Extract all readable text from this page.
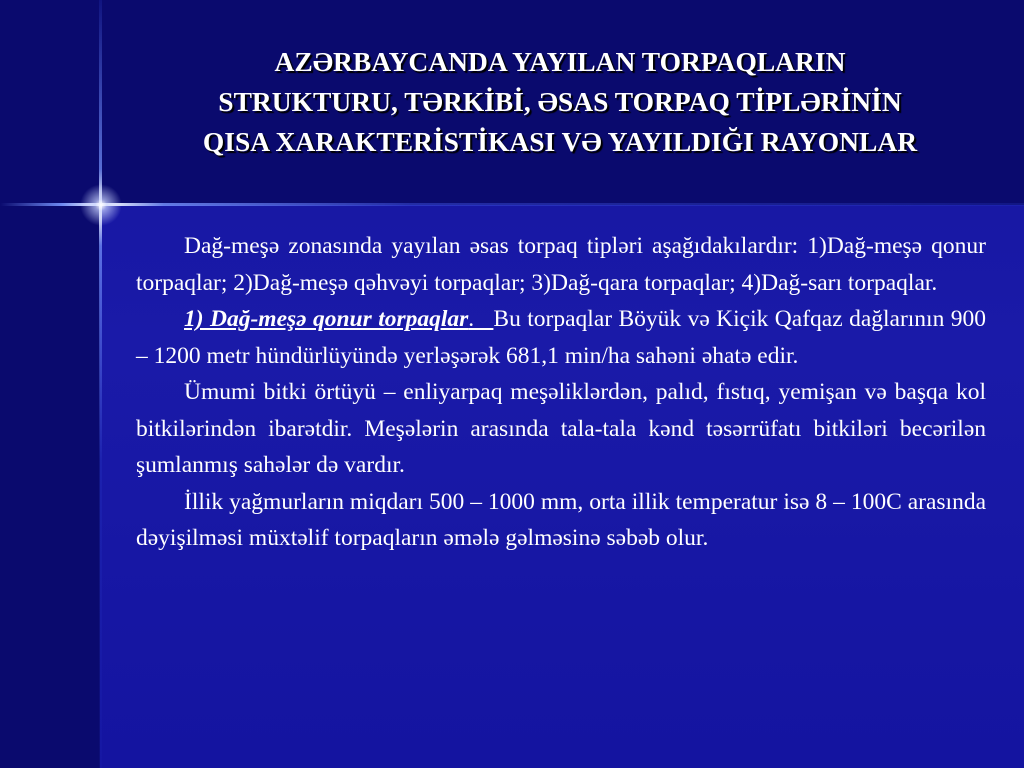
AZƏRBAYCANDA YAYILAN TORPAQLARIN
STRUKTURU, TƏRKİBİ, ƏSAS TORPAQ TİPLƏRİNİN
QISA XARAKTERİSTİKASI VƏ YAYILDIĞI RAYONLAR

Dağ-meşə zonasında yayılan əsas torpaq tipləri aşağıdakılardır: 1)Dağ-meşə qonur torpaqlar; 2)Dağ-meşə qəhvəyi torpaqlar; 3)Dağ-qara torpaqlar; 4)Dağ-sarı torpaqlar.

1) Dağ-meşə qonur torpaqlar.   Bu torpaqlar Böyük və Kiçik Qafqaz dağlarının 900 – 1200 metr hündürlüyündə yerləşərək 681,1 min/ha sahəni əhatə edir.

Ümumi bitki örtüyü – enliyarpaq meşəliklərdən, palıd, fıstıq, yemişan və başqa kol bitkilərindən ibarətdir. Meşələrin arasında tala-tala kənd təsərrüfatı bitkiləri becərilən şumlanmış sahələr də vardır.

İllik yağmurların miqdarı 500 – 1000 mm, orta illik temperatur isə 8 – 100C arasında dəyişilməsi müxtəlif torpaqların əmələ gəlməsinə səbəb olur.
